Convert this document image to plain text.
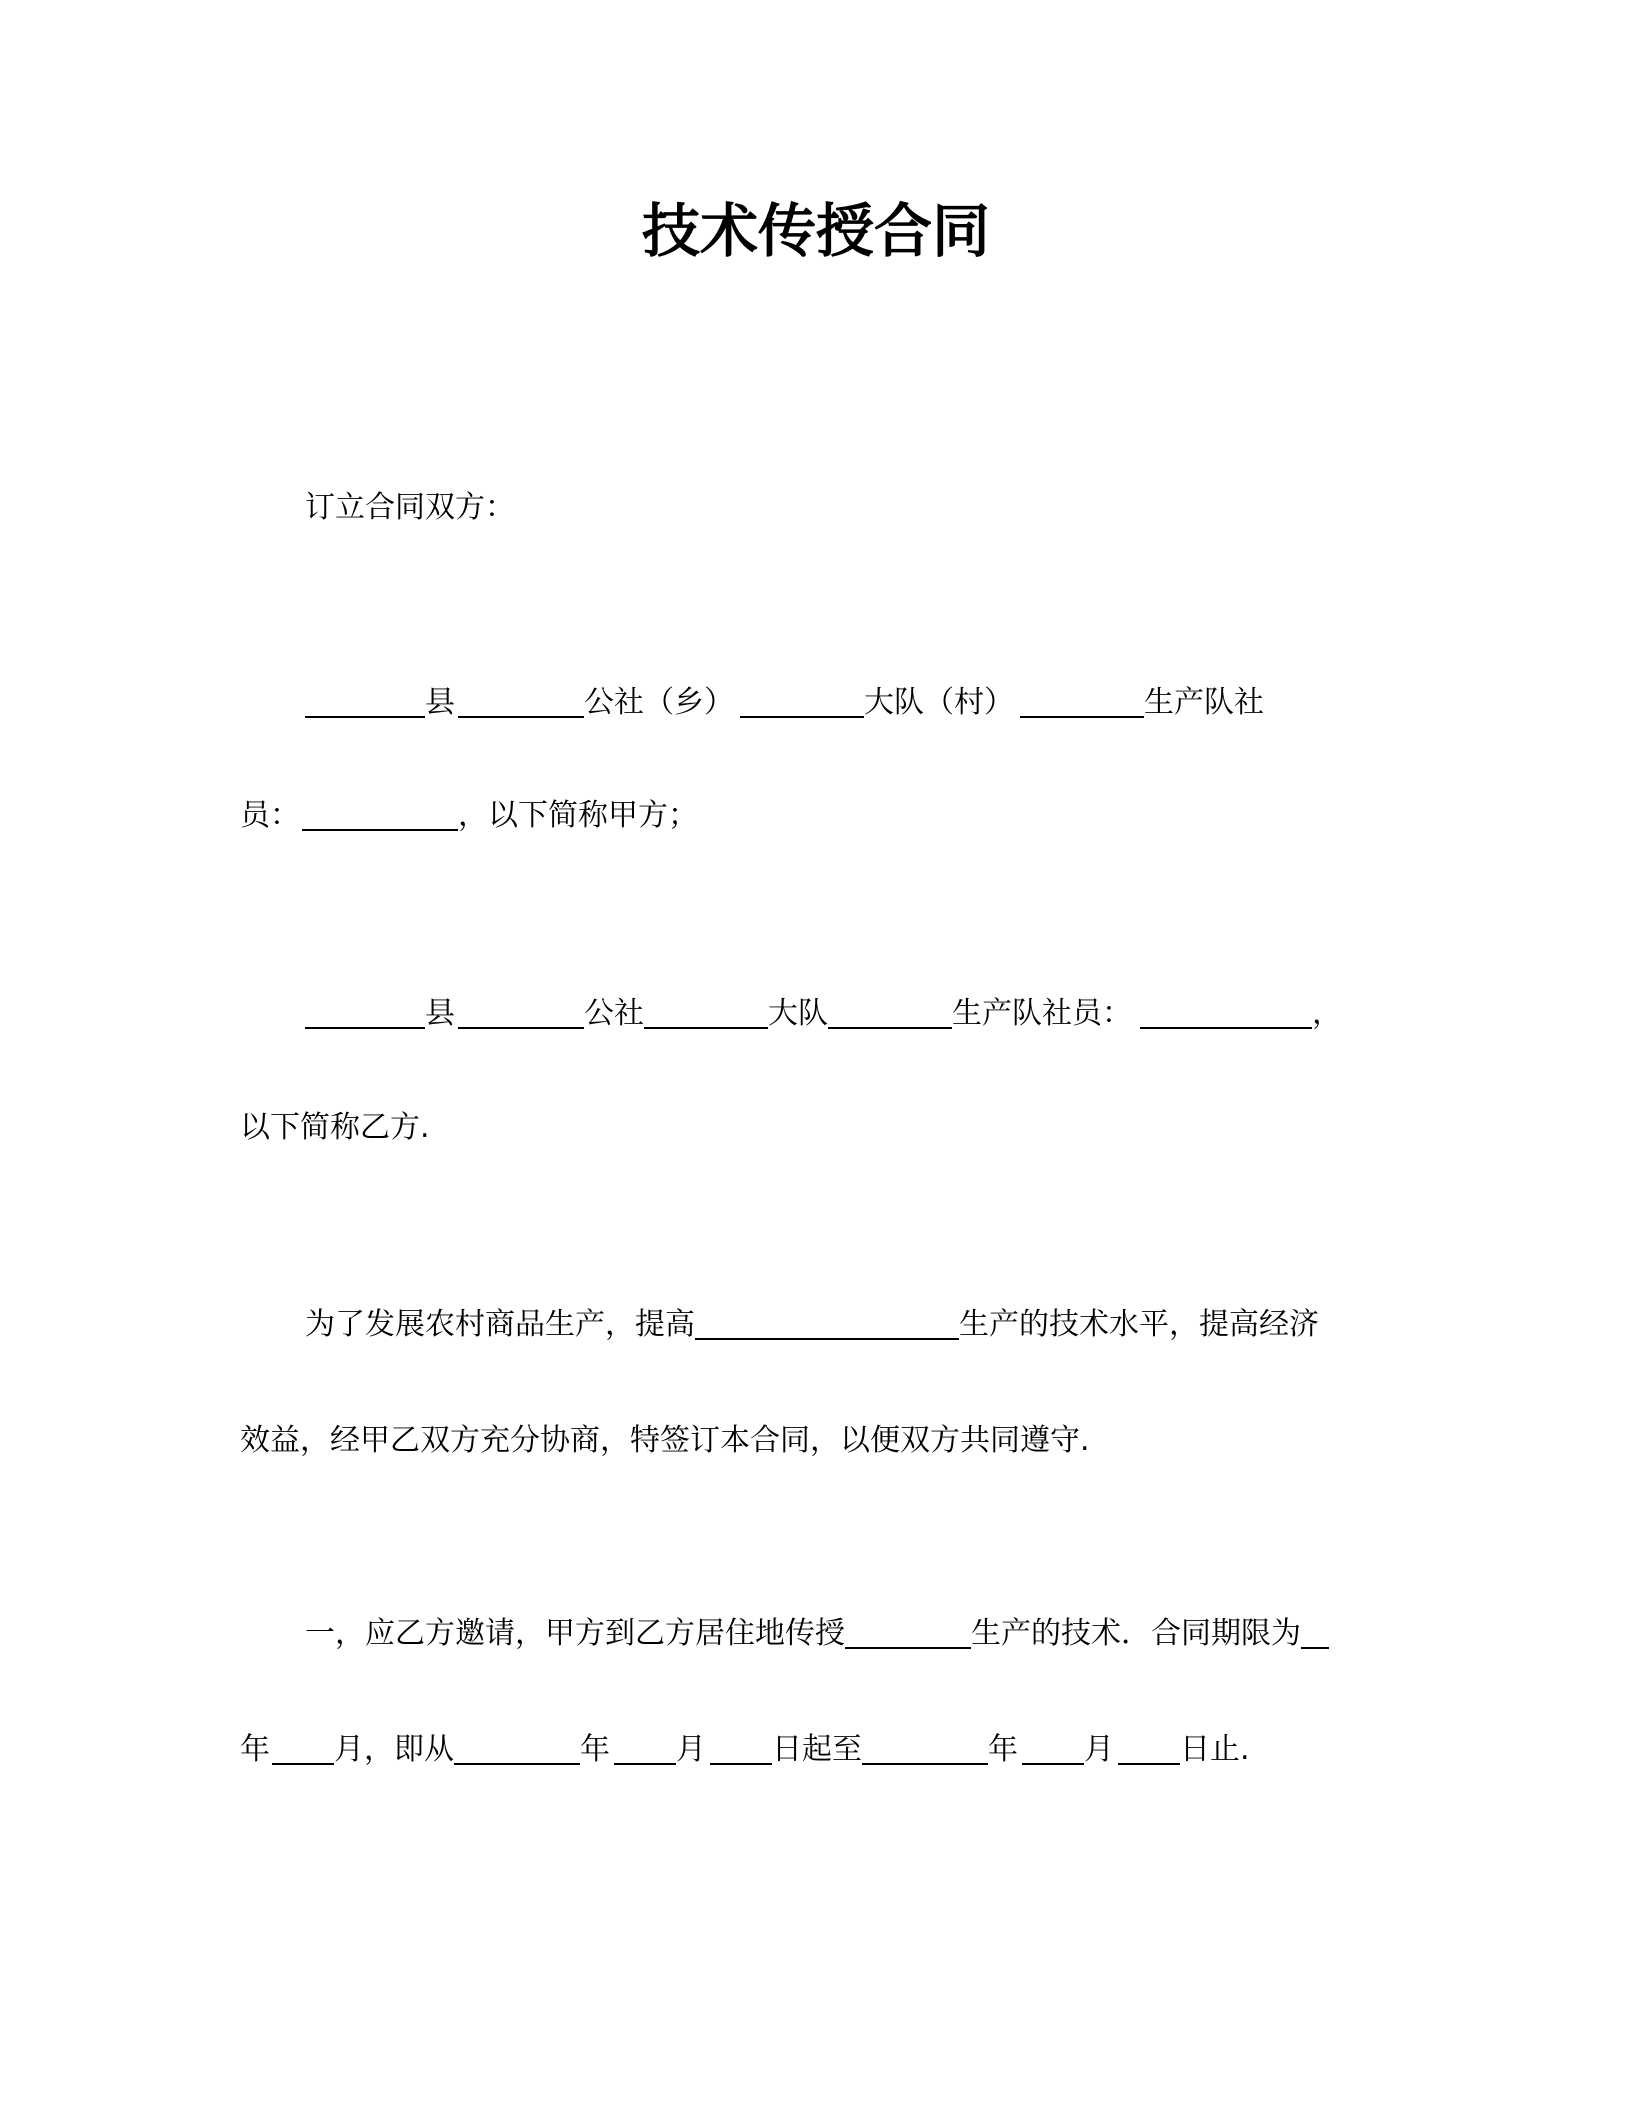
技术传授合同
订立合同双方：
县	公社（乡）	大队（村）	生产队社
员：	，以下简称甲方；
县	公社	大队	生产队社员：	，
以下简称乙方.
为了发展农村商品生产，提高	生产的技术水平，提高经济
效益，经甲乙双方充分协商，特签订本合同，以便双方共同遵守.
一，应乙方邀请，甲方到乙方居住地传授	生产的技术．合同期限为
年 月，即从	年 月 日起至	年 月 日止.
